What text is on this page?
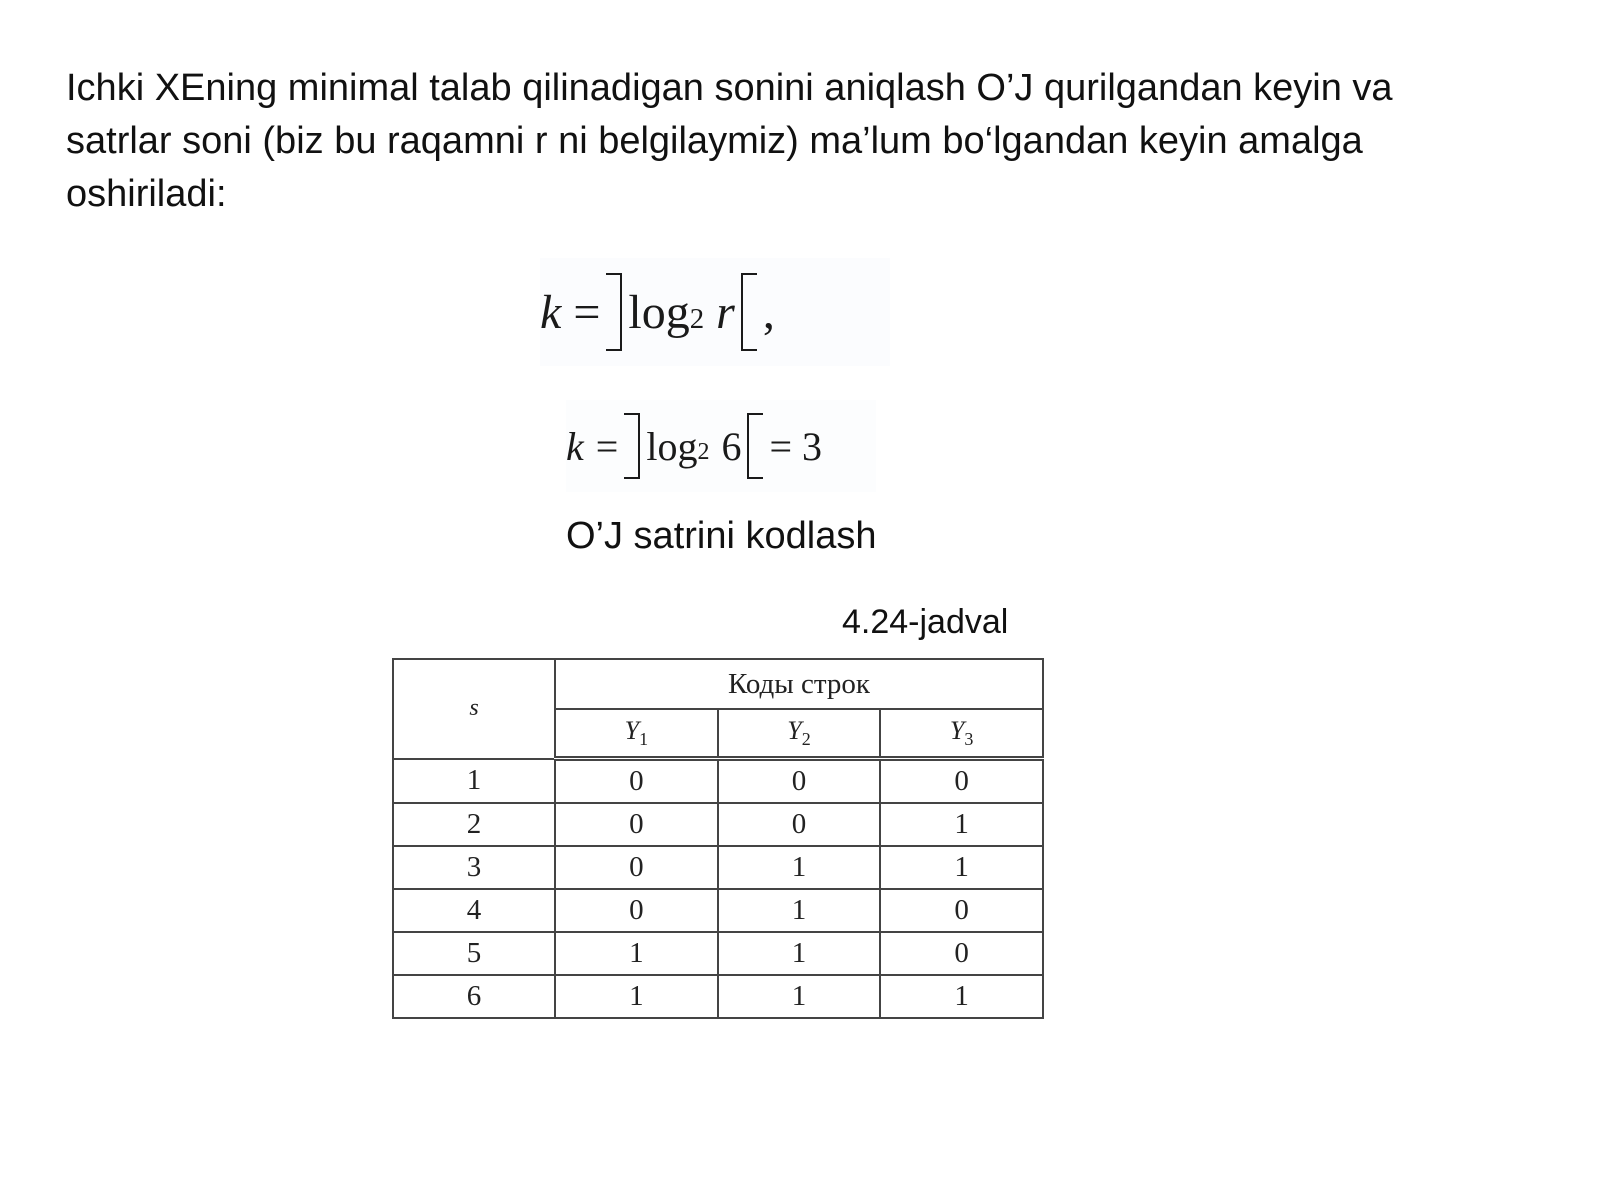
Ichki XEning minimal talab qilinadigan sonini aniqlash O’J qurilgandan keyin va satrlar soni (biz bu raqamni r ni belgilaymiz) ma’lum bo‘lgandan keyin amalga oshiriladi:

$k = \log_2 r$ ,
$k = \log_2 6 = 3$

O’J satrini kodlash

4.24-jadval

s	Коды строк		
	$Y_1$	$Y_2$	$Y_3$
1	0	0	0
2	0	0	1
3	0	1	1
4	0	1	0
5	1	1	0
6	1	1	1
